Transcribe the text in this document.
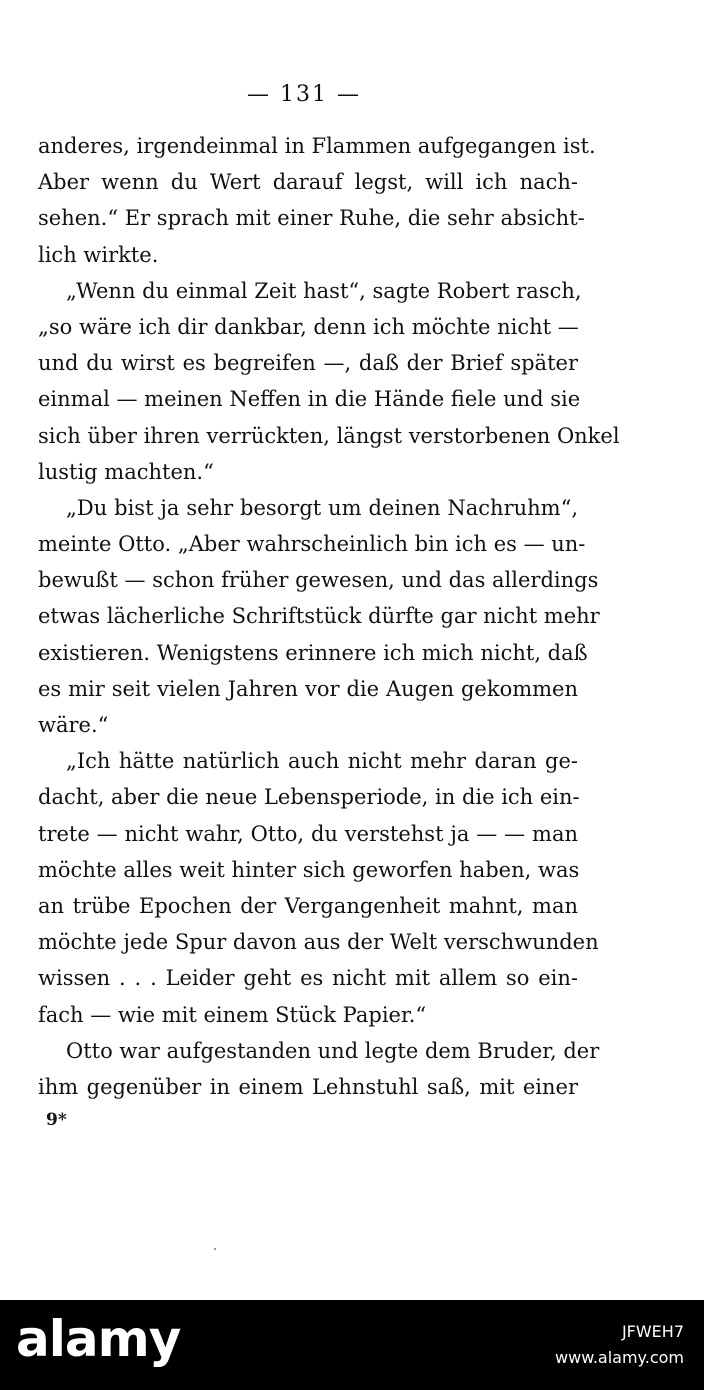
— 131 —
anderes, irgendeinmal in Flammen aufgegangen ist.
Aber wenn du Wert darauf legst, will ich nach-
sehen.“ Er sprach mit einer Ruhe, die sehr absicht-
lich wirkte.
„Wenn du einmal Zeit hast“, sagte Robert rasch,
„so wäre ich dir dankbar, denn ich möchte nicht —
und du wirst es begreifen —, daß der Brief später
einmal — meinen Neffen in die Hände fiele und sie
sich über ihren verrückten, längst verstorbenen Onkel
lustig machten.“
„Du bist ja sehr besorgt um deinen Nachruhm“,
meinte Otto. „Aber wahrscheinlich bin ich es — un-
bewußt — schon früher gewesen, und das allerdings
etwas lächerliche Schriftstück dürfte gar nicht mehr
existieren. Wenigstens erinnere ich mich nicht, daß
es mir seit vielen Jahren vor die Augen gekommen
wäre.“
„Ich hätte natürlich auch nicht mehr daran ge-
dacht, aber die neue Lebensperiode, in die ich ein-
trete — nicht wahr, Otto, du verstehst ja — — man
möchte alles weit hinter sich geworfen haben, was
an trübe Epochen der Vergangenheit mahnt, man
möchte jede Spur davon aus der Welt verschwunden
wissen . . . Leider geht es nicht mit allem so ein-
fach — wie mit einem Stück Papier.“
Otto war aufgestanden und legte dem Bruder, der
ihm gegenüber in einem Lehnstuhl saß, mit einer
9*
alamy	JFWEH7
www.alamy.com
